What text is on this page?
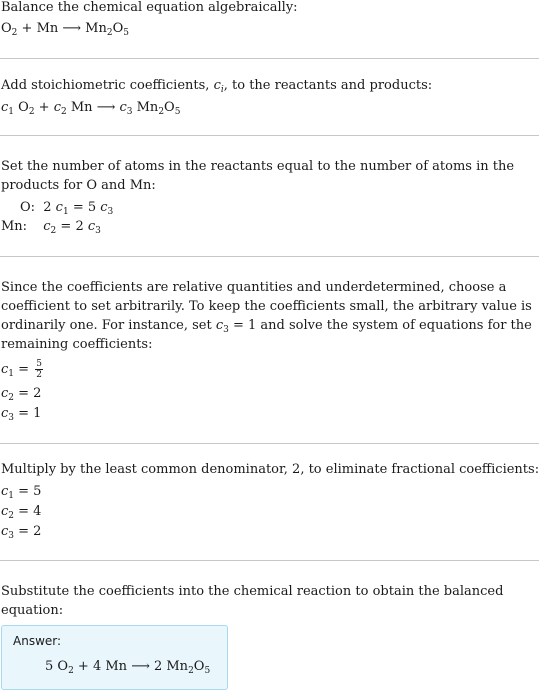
Balance the chemical equation algebraically:
$O_2 + Mn$ ⟶ $Mn_2O_5$
Add stoichiometric coefficients, $c_i$, to the reactants and products:
$c_1$ $O_2 + c_2$ Mn ⟶ $c_3$ $Mn_2O_5$
Set the number of atoms in the reactants equal to the number of atoms in the
products for O and Mn:
O: 2 $c_1 = 5$ $c_3$
Mn: $c_2 = 2$ $c_3$
Since the coefficients are relative quantities and underdetermined, choose a
coefficient to set arbitrarily. To keep the coefficients small, the arbitrary value is
ordinarily one. For instance, set $c_3 = 1$ and solve the system of equations for the
remaining coefficients:
$c_1 = \frac{5}{2}$
$c_2 = 2$
$c_3 = 1$
Multiply by the least common denominator, 2, to eliminate fractional coefficients:
$c_1 = 5$
$c_2 = 4$
$c_3 = 2$
Substitute the coefficients into the chemical reaction to obtain the balanced
equation:
Answer:
5 $O_2 + 4$ Mn ⟶ 2 $Mn_2O_5$
